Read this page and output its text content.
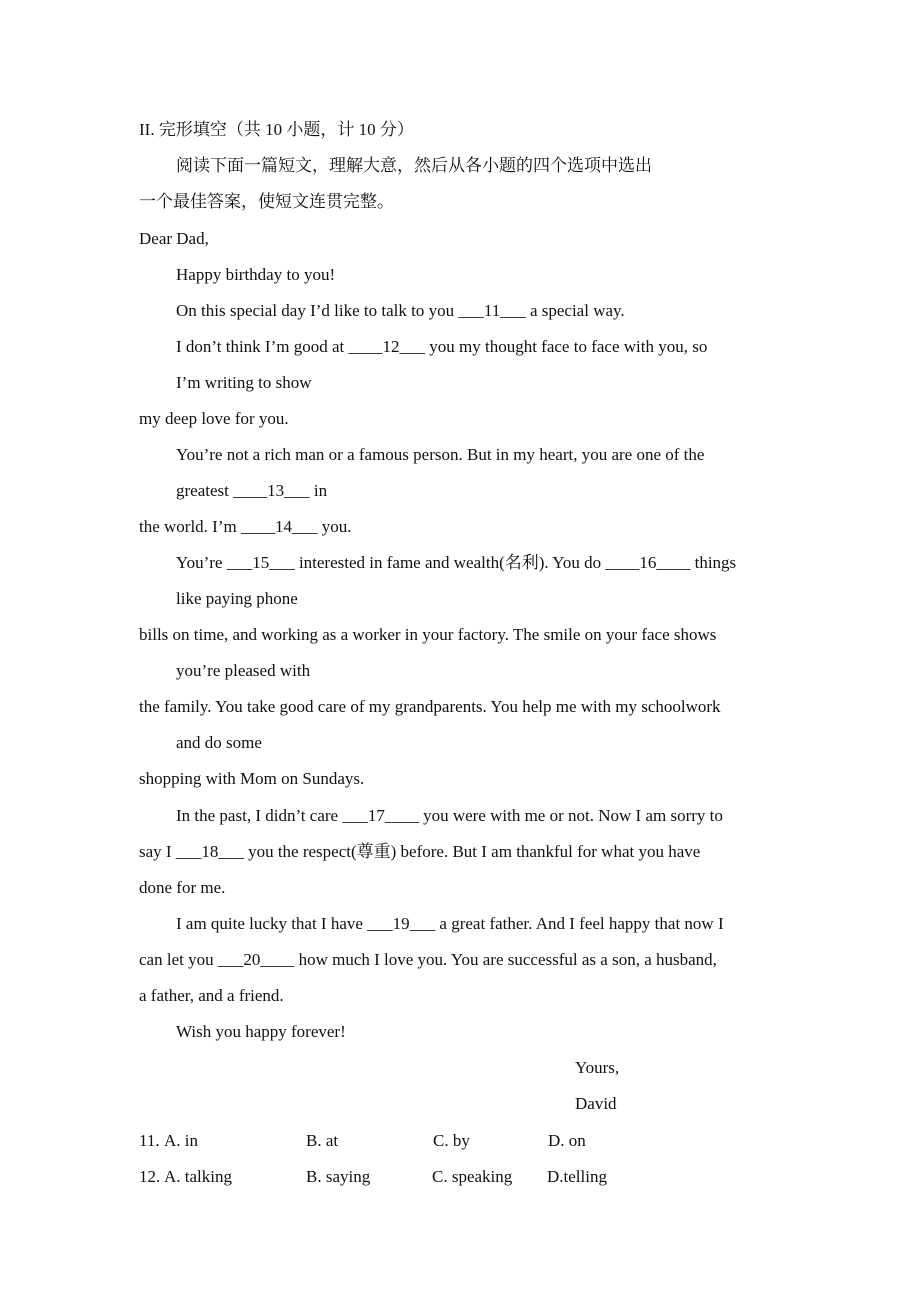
II. 完形填空（共 10 小题，计 10 分）
阅读下面一篇短文，理解大意，然后从各小题的四个选项中选出
一个最佳答案，使短文连贯完整。
Dear Dad,
Happy birthday to you!
On this special day I’d like to talk to you ___11___ a special way.
I don’t think I’m good at ____12___ you my thought face to face with you, so
I’m writing to show
my deep love for you.
You’re not a rich man or a famous person. But in my heart, you are one of the
greatest ____13___ in
the world. I’m ____14___ you.
You’re ___15___ interested in fame and wealth(名利). You do ____16____ things
like paying phone
bills on time, and working as a worker in your factory. The smile on your face shows
you’re pleased with
the family. You take good care of my grandparents. You help me with my schoolwork
and do some
shopping with Mom on Sundays.
In the past, I didn’t care ___17____ you were with me or not. Now I am sorry to
say I ___18___ you the respect(尊重) before. But I am thankful for what you have
done for me.
I am quite lucky that I have ___19___ a great father. And I feel happy that now I
can let you ___20____ how much I love you. You are successful as a son, a husband,
a father, and a friend.
Wish you happy forever!
Yours,
David
11. A. in	B. at	C. by	D. on
12. A. talking	B. saying	C. speaking D.telling
